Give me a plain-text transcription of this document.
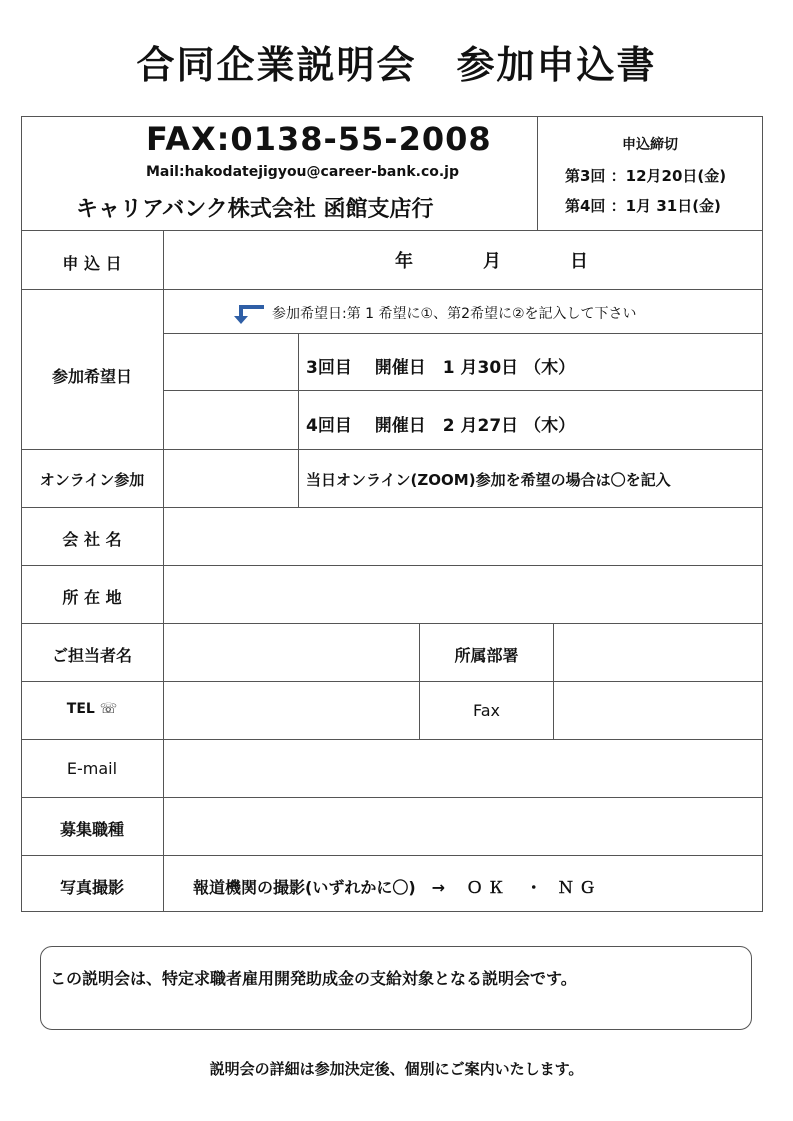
合同企業説明会　参加申込書
FAX:0138-55-2008
Mail:hakodatejigyou@career-bank.co.jp
キャリアバンク株式会社 函館支店行
申込締切
第3回 ：12月20日(金)
第4回 ：1月 31日(金)
申 込 日	年	月	日
参加希望日
参加希望日:第 1 希望に①、第2希望に②を記入して下さい
3回目　 開催日　1 月30日 （木）
4回目　 開催日　2 月27日 （木）
オンライン参加	当日オンライン(ZOOM)参加を希望の場合は〇を記入
会 社 名
所 在 地
ご担当者名	所属部署
TEL ☏	Fax
E-mail
募集職種
写真撮影	報道機関の撮影(いずれかに〇)　→　 Ｏ Ｋ 　・　Ｎ Ｇ
この説明会は、特定求職者雇用開発助成金の支給対象となる説明会です。
説明会の詳細は参加決定後、個別にご案内いたします。
